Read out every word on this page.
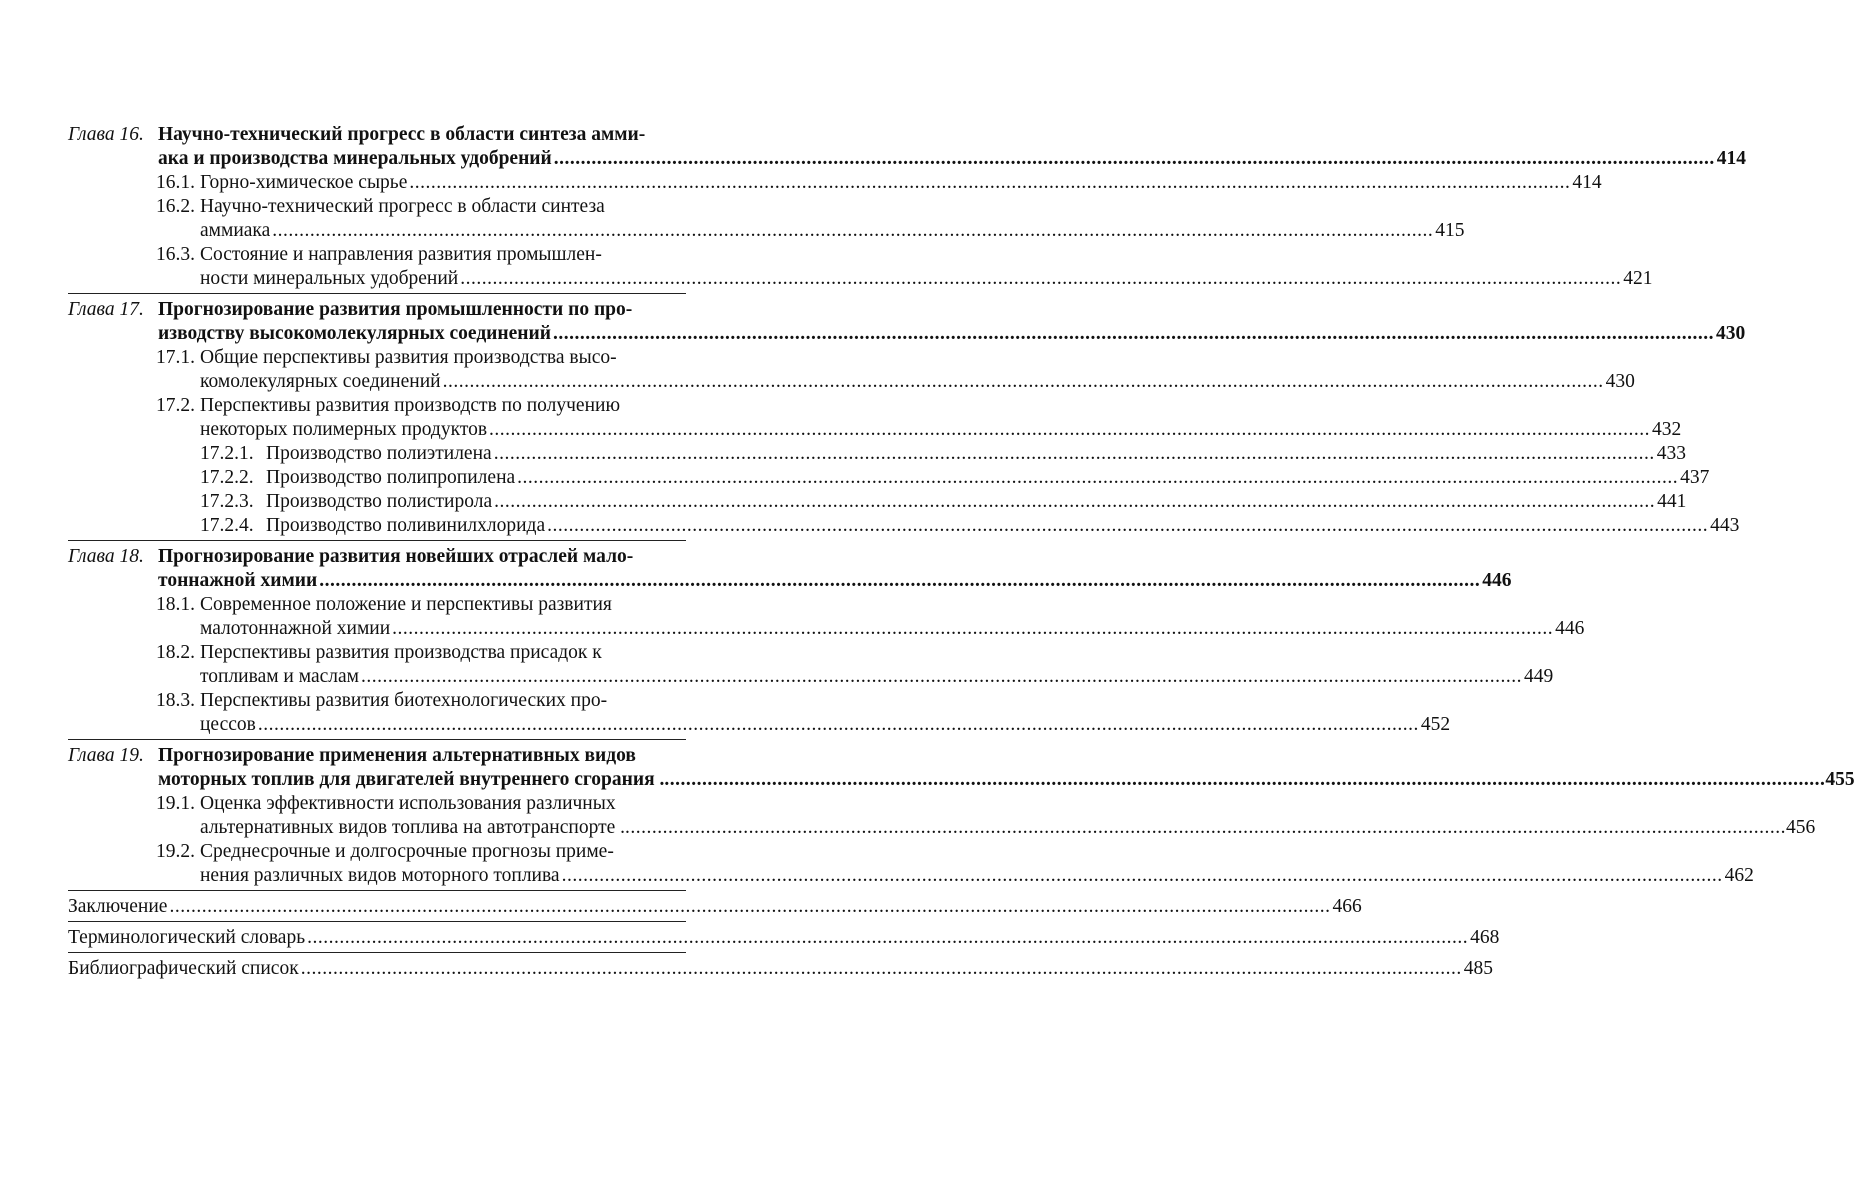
Глава 16. Научно-технический прогресс в области синтеза амми-
ака и производства минеральных удобрений .....	414
16.1. Горно-химическое сырье .....	414
16.2. Научно-технический прогресс в области синтеза
аммиака .....	415
16.3. Состояние и направления развития промышлен-
ности минеральных удобрений .....	421
Глава 17. Прогнозирование развития промышленности по про-
изводству высокомолекулярных соединений .....	430
17.1. Общие перспективы развития производства высо-
комолекулярных соединений .....	430
17.2. Перспективы развития производств по получению
некоторых полимерных продуктов .....	432
17.2.1. Производство полиэтилена .....	433
17.2.2. Производство полипропилена .....	437
17.2.3. Производство полистирола .....	441
17.2.4. Производство поливинилхлорида .....	443
Глава 18. Прогнозирование развития новейших отраслей мало-
тоннажной химии .....	446
18.1. Современное положение и перспективы развития
малотоннажной химии .....	446
18.2. Перспективы развития производства присадок к
топливам и маслам .....	449
18.3. Перспективы развития биотехнологических про-
цессов .....	452
Глава 19. Прогнозирование применения альтернативных видов
моторных топлив для двигателей внутреннего сгорания . .....	455
19.1. Оценка эффективности использования различных
альтернативных видов топлива на автотранспорте . .....	456
19.2. Среднесрочные и долгосрочные прогнозы приме-
нения различных видов моторного топлива .....	462
Заключение .....	466
Терминологический словарь .....	468
Библиографический список .....	485
